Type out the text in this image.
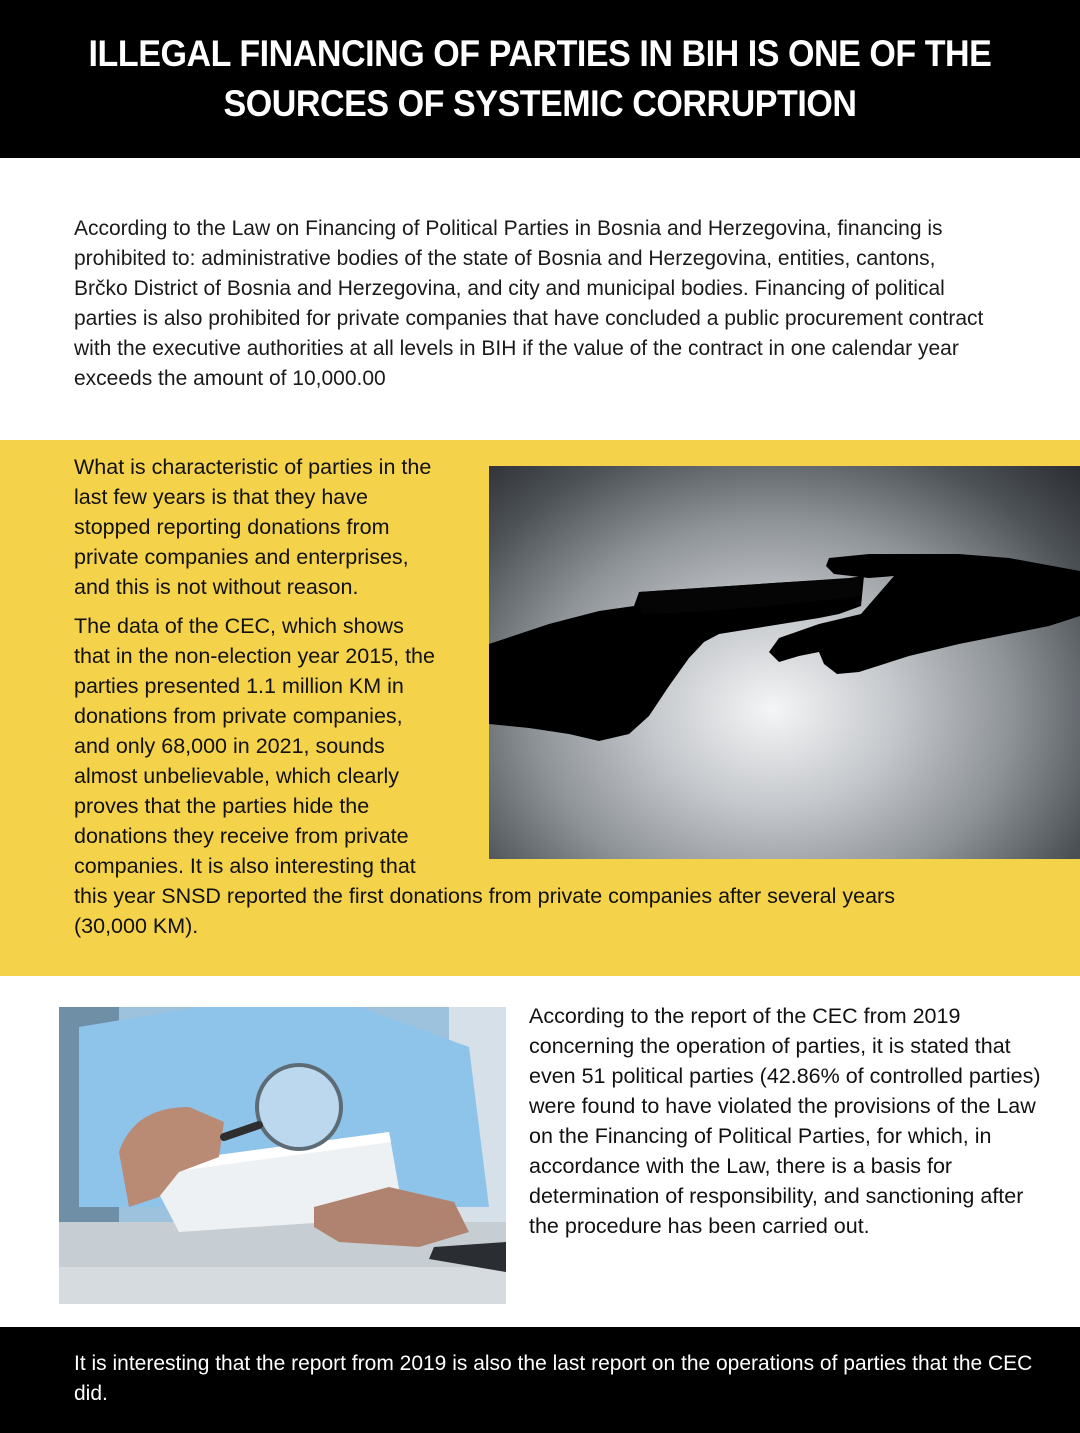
ILLEGAL FINANCING OF PARTIES IN BIH IS ONE OF THE SOURCES OF SYSTEMIC CORRUPTION

According to the Law on Financing of Political Parties in Bosnia and Herzegovina, financing is prohibited to: administrative bodies of the state of Bosnia and Herzegovina, entities, cantons, Brčko District of Bosnia and Herzegovina, and city and municipal bodies. Financing of political parties is also prohibited for private companies that have concluded a public procurement contract with the executive authorities at all levels in BIH if the value of the contract in one calendar year exceeds the amount of 10,000.00

What is characteristic of parties in the last few years is that they have stopped reporting donations from private companies and enterprises, and this is not without reason.

The data of the CEC, which shows that in the non-election year 2015, the parties presented 1.1 million KM in donations from private companies, and only 68,000 in 2021, sounds almost unbelievable, which clearly proves that the parties hide the donations they receive from private companies. It is also interesting that this year SNSD reported the first donations from private companies after several years (30,000 KM).

According to the report of the CEC from 2019 concerning the operation of parties, it is stated that even 51 political parties (42.86% of controlled parties) were found to have violated the provisions of the Law on the Financing of Political Parties, for which, in accordance with the Law, there is a basis for determination of responsibility, and sanctioning after the procedure has been carried out.

It is interesting that the report from 2019 is also the last report on the operations of parties that the CEC did.
